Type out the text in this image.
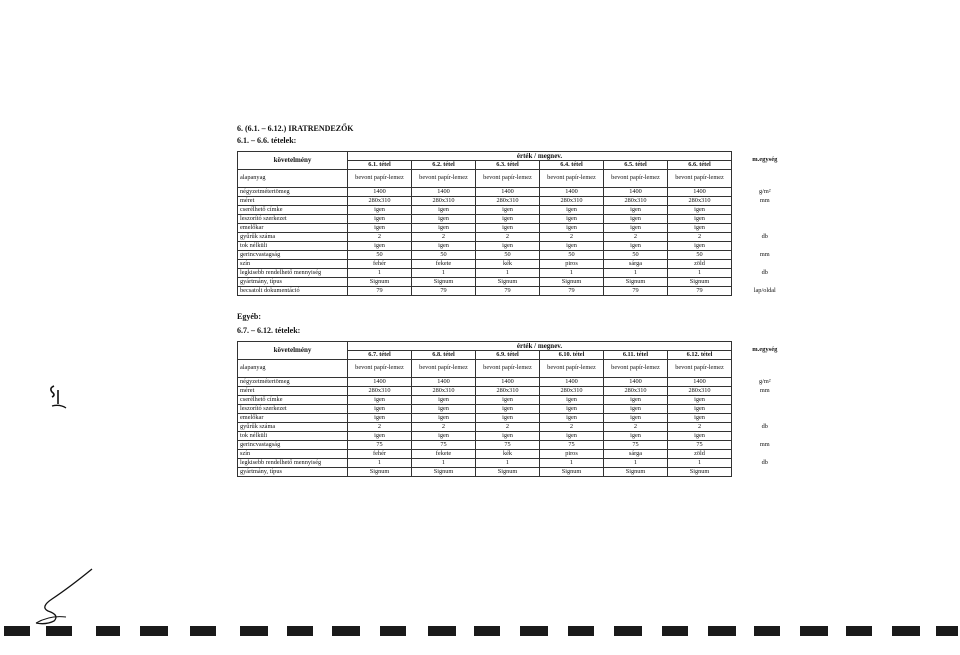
6. (6.1. – 6.12.) IRATRENDEZŐK
6.1. – 6.6. tételek:
követelmény	érték / megnev.						m.egység
	6.1. tétel	6.2. tétel	6.3. tétel	6.4. tétel	6.5. tétel	6.6. tétel	
alapanyag	bevont papír-lemez	bevont papír-lemez	bevont papír-lemez	bevont papír-lemez	bevont papír-lemez	bevont papír-lemez	
négyzetmétertömeg	1400	1400	1400	1400	1400	1400	g/m²
méret	280x310	280x310	280x310	280x310	280x310	280x310	mm
cserélhető címke	igen	igen	igen	igen	igen	igen	
leszorító szerkezet	igen	igen	igen	igen	igen	igen	
emelőkar	igen	igen	igen	igen	igen	igen	
gyűrűk száma	2	2	2	2	2	2	db
tok nélküli	igen	igen	igen	igen	igen	igen	
gerincvastagság	50	50	50	50	50	50	mm
szín	fehér	fekete	kék	piros	sárga	zöld	
legkisebb rendelhető mennyiség	1	1	1	1	1	1	db
gyártmány, típus	Signum	Signum	Signum	Signum	Signum	Signum	
becsatolt dokumentáció	79	79	79	79	79	79	lap/oldal
Egyéb:
6.7. – 6.12. tételek:
követelmény	érték / megnev.						m.egység
	6.7. tétel	6.8. tétel	6.9. tétel	6.10. tétel	6.11. tétel	6.12. tétel	
alapanyag	bevont papír-lemez	bevont papír-lemez	bevont papír-lemez	bevont papír-lemez	bevont papír-lemez	bevont papír-lemez	
négyzetmétertömeg	1400	1400	1400	1400	1400	1400	g/m²
méret	280x310	280x310	280x310	280x310	280x310	280x310	mm
cserélhető címke	igen	igen	igen	igen	igen	igen	
leszorító szerkezet	igen	igen	igen	igen	igen	igen	
emelőkar	igen	igen	igen	igen	igen	igen	
gyűrűk száma	2	2	2	2	2	2	db
tok nélküli	igen	igen	igen	igen	igen	igen	
gerincvastagság	75	75	75	75	75	75	mm
szín	fehér	fekete	kék	piros	sárga	zöld	
legkisebb rendelhető mennyiség	1	1	1	1	1	1	db
gyártmány, típus	Signum	Signum	Signum	Signum	Signum	Signum	
